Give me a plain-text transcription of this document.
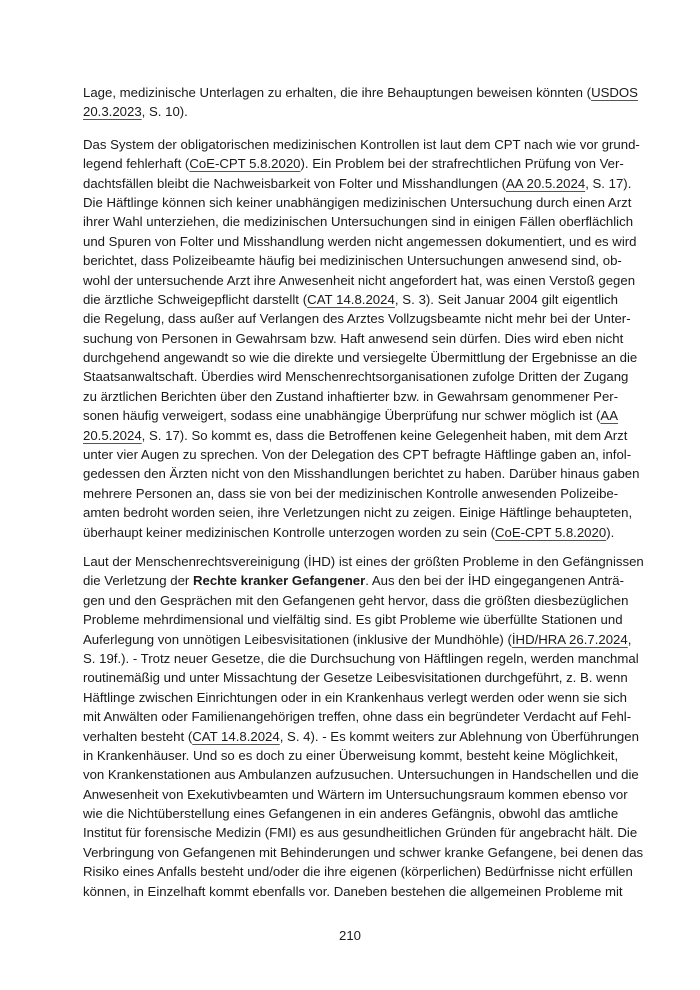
Lage, medizinische Unterlagen zu erhalten, die ihre Behauptungen beweisen könnten (USDOS
20.3.2023, S. 10).
Das System der obligatorischen medizinischen Kontrollen ist laut dem CPT nach wie vor grund-
legend fehlerhaft (CoE-CPT 5.8.2020). Ein Problem bei der strafrechtlichen Prüfung von Ver-
dachtsfällen bleibt die Nachweisbarkeit von Folter und Misshandlungen (AA 20.5.2024, S. 17).
Die Häftlinge können sich keiner unabhängigen medizinischen Untersuchung durch einen Arzt
ihrer Wahl unterziehen, die medizinischen Untersuchungen sind in einigen Fällen oberflächlich
und Spuren von Folter und Misshandlung werden nicht angemessen dokumentiert, und es wird
berichtet, dass Polizeibeamte häufig bei medizinischen Untersuchungen anwesend sind, ob-
wohl der untersuchende Arzt ihre Anwesenheit nicht angefordert hat, was einen Verstoß gegen
die ärztliche Schweigepflicht darstellt (CAT 14.8.2024, S. 3). Seit Januar 2004 gilt eigentlich
die Regelung, dass außer auf Verlangen des Arztes Vollzugsbeamte nicht mehr bei der Unter-
suchung von Personen in Gewahrsam bzw. Haft anwesend sein dürfen. Dies wird eben nicht
durchgehend angewandt so wie die direkte und versiegelte Übermittlung der Ergebnisse an die
Staatsanwaltschaft. Überdies wird Menschenrechtsorganisationen zufolge Dritten der Zugang
zu ärztlichen Berichten über den Zustand inhaftierter bzw. in Gewahrsam genommener Per-
sonen häufig verweigert, sodass eine unabhängige Überprüfung nur schwer möglich ist (AA
20.5.2024, S. 17). So kommt es, dass die Betroffenen keine Gelegenheit haben, mit dem Arzt
unter vier Augen zu sprechen. Von der Delegation des CPT befragte Häftlinge gaben an, infol-
gedessen den Ärzten nicht von den Misshandlungen berichtet zu haben. Darüber hinaus gaben
mehrere Personen an, dass sie von bei der medizinischen Kontrolle anwesenden Polizeibe-
amten bedroht worden seien, ihre Verletzungen nicht zu zeigen. Einige Häftlinge behaupteten,
überhaupt keiner medizinischen Kontrolle unterzogen worden zu sein (CoE-CPT 5.8.2020).
Laut der Menschenrechtsvereinigung (İHD) ist eines der größten Probleme in den Gefängnissen
die Verletzung der Rechte kranker Gefangener. Aus den bei der İHD eingegangenen Anträ-
gen und den Gesprächen mit den Gefangenen geht hervor, dass die größten diesbezüglichen
Probleme mehrdimensional und vielfältig sind. Es gibt Probleme wie überfüllte Stationen und
Auferlegung von unnötigen Leibesvisitationen (inklusive der Mundhöhle) (İHD/HRA 26.7.2024,
S. 19f.). - Trotz neuer Gesetze, die die Durchsuchung von Häftlingen regeln, werden manchmal
routinemäßig und unter Missachtung der Gesetze Leibesvisitationen durchgeführt, z. B. wenn
Häftlinge zwischen Einrichtungen oder in ein Krankenhaus verlegt werden oder wenn sie sich
mit Anwälten oder Familienangehörigen treffen, ohne dass ein begründeter Verdacht auf Fehl-
verhalten besteht (CAT 14.8.2024, S. 4). - Es kommt weiters zur Ablehnung von Überführungen
in Krankenhäuser. Und so es doch zu einer Überweisung kommt, besteht keine Möglichkeit,
von Krankenstationen aus Ambulanzen aufzusuchen. Untersuchungen in Handschellen und die
Anwesenheit von Exekutivbeamten und Wärtern im Untersuchungsraum kommen ebenso vor
wie die Nichtüberstellung eines Gefangenen in ein anderes Gefängnis, obwohl das amtliche
Institut für forensische Medizin (FMI) es aus gesundheitlichen Gründen für angebracht hält. Die
Verbringung von Gefangenen mit Behinderungen und schwer kranke Gefangene, bei denen das
Risiko eines Anfalls besteht und/oder die ihre eigenen (körperlichen) Bedürfnisse nicht erfüllen
können, in Einzelhaft kommt ebenfalls vor. Daneben bestehen die allgemeinen Probleme mit
210
